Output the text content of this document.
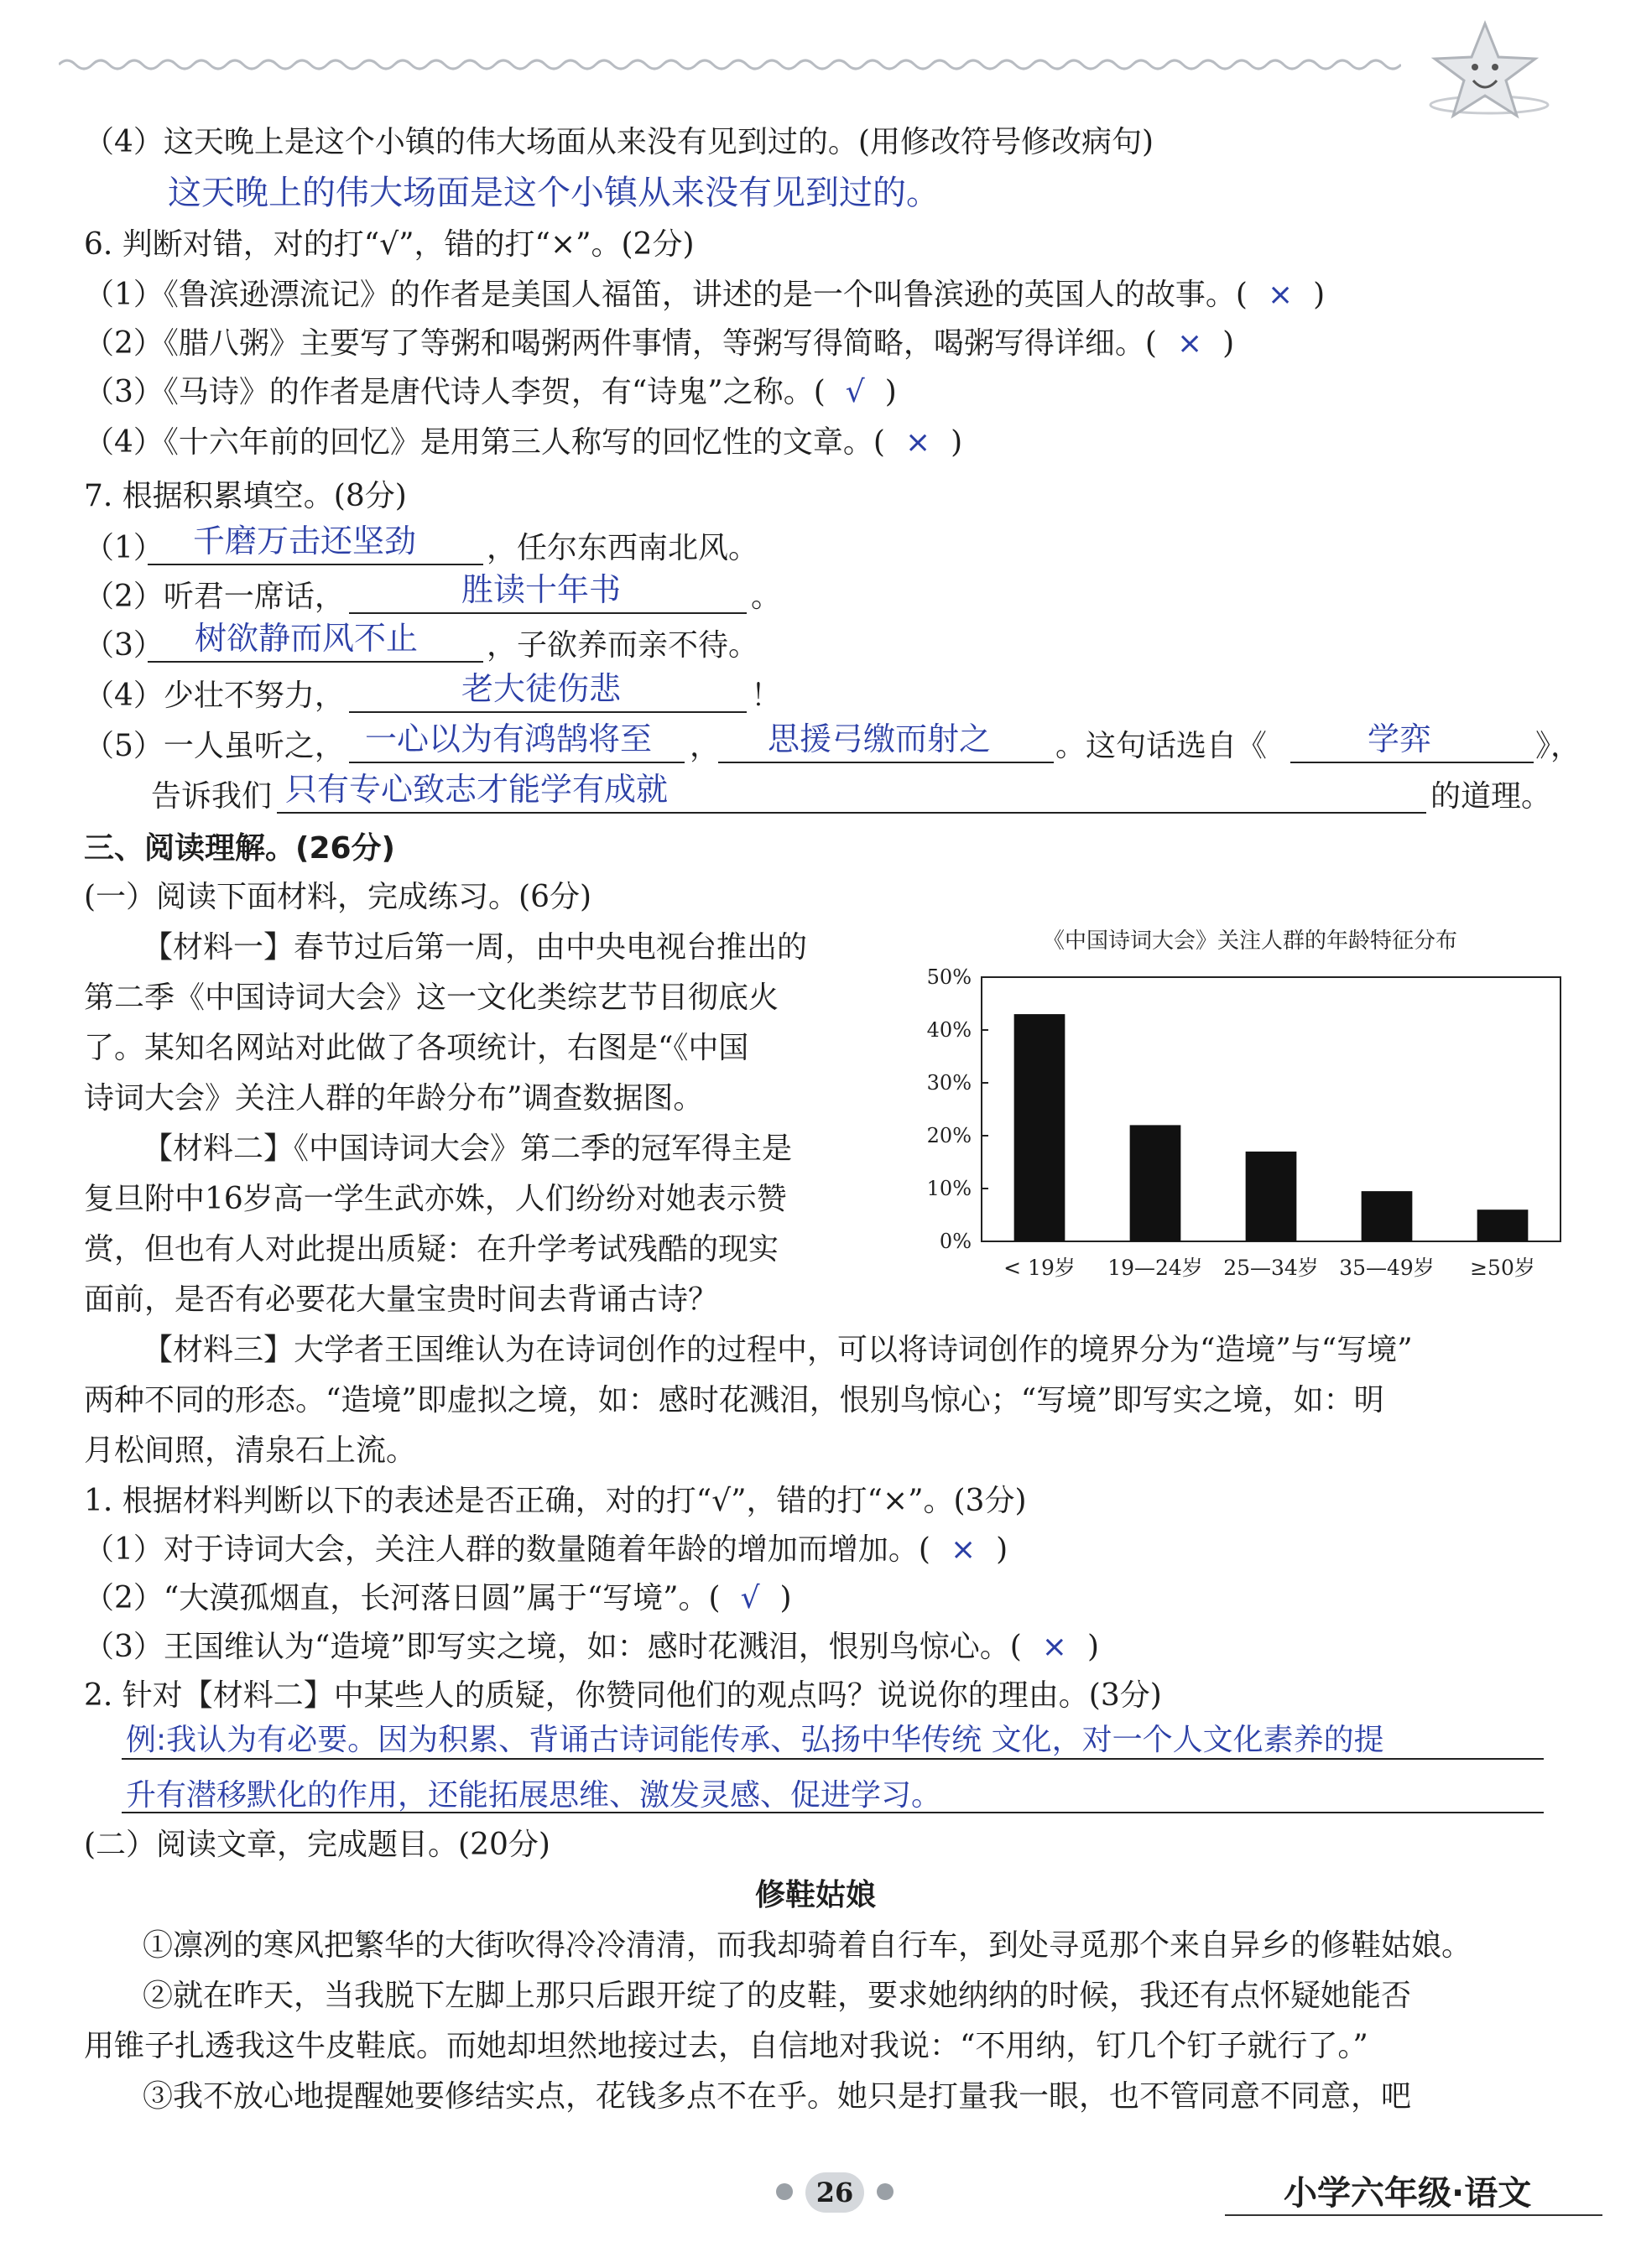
（4）这天晚上是这个小镇的伟大场面从来没有见到过的。(用修改符号修改病句)
这天晚上的伟大场面是这个小镇从来没有见到过的。
6. 判断对错，对的打“√”，错的打“×”。(2分)
（1）《鲁滨逊漂流记》的作者是美国人福笛，讲述的是一个叫鲁滨逊的英国人的故事。( × )
（2）《腊八粥》主要写了等粥和喝粥两件事情，等粥写得简略，喝粥写得详细。( × )
（3）《马诗》的作者是唐代诗人李贺，有“诗鬼”之称。( √ )
（4）《十六年前的回忆》是用第三人称写的回忆性的文章。( × )
7. 根据积累填空。(8分)
（1） 千磨万击还坚劲 ，任尔东西南北风。
（2）听君一席话，	胜读十年书	。
（3） 树欲静而风不止 ，子欲养而亲不待。
（4）少壮不努力，	老大徒伤悲	！
（5）一人虽听之， 一心以为有鸿鹄将至 ， 思援弓缴而射之 。这句话选自《	学弈	》，
告诉我们 只有专心致志才能学有成就	的道理。
三、阅读理解。(26分)
(一）阅读下面材料，完成练习。(6分)
【材料一】春节过后第一周，由中央电视台推出的
第二季《中国诗词大会》这一文化类综艺节目彻底火
了。某知名网站对此做了各项统计，右图是“《中国
诗词大会》关注人群的年龄分布”调查数据图。
【材料二】《中国诗词大会》第二季的冠军得主是
复旦附中16岁高一学生武亦姝，人们纷纷对她表示赞
赏，但也有人对此提出质疑：在升学考试残酷的现实
面前，是否有必要花大量宝贵时间去背诵古诗？
《中国诗词大会》关注人群的年龄特征分布
0%
10%
20%
30%
40%
50%
< 19岁 19—24岁 25—34岁 35—49岁 ≥50岁
【材料三】大学者王国维认为在诗词创作的过程中，可以将诗词创作的境界分为“造境”与“写境”
两种不同的形态。“造境”即虚拟之境，如：感时花溅泪，恨别鸟惊心；“写境”即写实之境，如：明
月松间照，清泉石上流。
1. 根据材料判断以下的表述是否正确，对的打“√”，错的打“×”。(3分)
（1）对于诗词大会，关注人群的数量随着年龄的增加而增加。( × )
（2）“大漠孤烟直，长河落日圆”属于“写境”。( √ )
（3）王国维认为“造境”即写实之境，如：感时花溅泪，恨别鸟惊心。( × )
2. 针对【材料二】中某些人的质疑，你赞同他们的观点吗？说说你的理由。(3分)
例:我认为有必要。因为积累、背诵古诗词能传承、弘扬中华传统 文化，对一个人文化素养的提
升有潜移默化的作用，还能拓展思维、激发灵感、促进学习。
(二）阅读文章，完成题目。(20分)
修鞋姑娘
①凛冽的寒风把繁华的大街吹得冷冷清清，而我却骑着自行车，到处寻觅那个来自异乡的修鞋姑娘。
②就在昨天，当我脱下左脚上那只后跟开绽了的皮鞋，要求她纳纳的时候，我还有点怀疑她能否
用锥子扎透我这牛皮鞋底。而她却坦然地接过去，自信地对我说：“不用纳，钉几个钉子就行了。”
③我不放心地提醒她要修结实点，花钱多点不在乎。她只是打量我一眼，也不管同意不同意，吧
26	小学六年级·语文
